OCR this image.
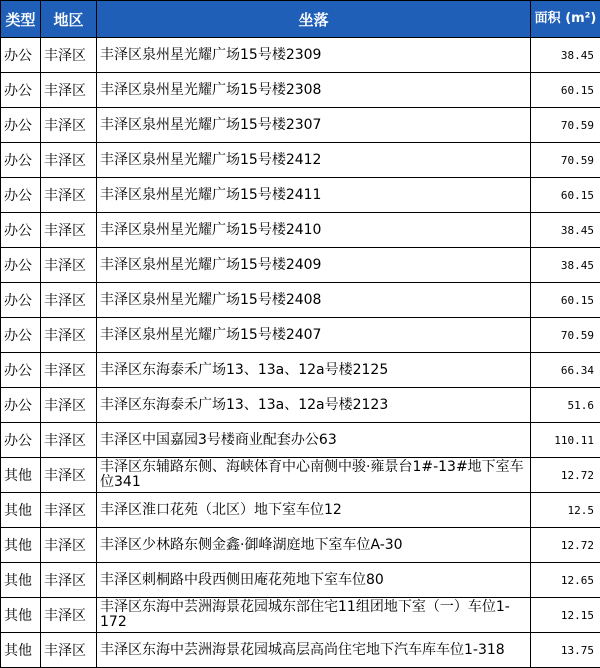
类型	地区	坐落	面积 (m²)
办公	丰泽区	丰泽区泉州星光耀广场15号楼2309	38.45
办公	丰泽区	丰泽区泉州星光耀广场15号楼2308	60.15
办公	丰泽区	丰泽区泉州星光耀广场15号楼2307	70.59
办公	丰泽区	丰泽区泉州星光耀广场15号楼2412	70.59
办公	丰泽区	丰泽区泉州星光耀广场15号楼2411	60.15
办公	丰泽区	丰泽区泉州星光耀广场15号楼2410	38.45
办公	丰泽区	丰泽区泉州星光耀广场15号楼2409	38.45
办公	丰泽区	丰泽区泉州星光耀广场15号楼2408	60.15
办公	丰泽区	丰泽区泉州星光耀广场15号楼2407	70.59
办公	丰泽区	丰泽区东海泰禾广场13、13a、12a号楼2125	66.34
办公	丰泽区	丰泽区东海泰禾广场13、13a、12a号楼2123	51.6
办公	丰泽区	丰泽区中国嘉园3号楼商业配套办公63	110.11
其他	丰泽区	丰泽区东辅路东侧、海峡体育中心南侧中骏·雍景台1#-13#地下室车位341	12.72
其他	丰泽区	丰泽区淮口花苑（北区）地下室车位12	12.5
其他	丰泽区	丰泽区少林路东侧金鑫·御峰湖庭地下室车位A-30	12.72
其他	丰泽区	丰泽区刺桐路中段西侧田庵花苑地下室车位80	12.65
其他	丰泽区	丰泽区东海中芸洲海景花园城东部住宅11组团地下室（一）车位1-172	12.15
其他	丰泽区	丰泽区东海中芸洲海景花园城高层高尚住宅地下汽车库车位1-318	13.75
